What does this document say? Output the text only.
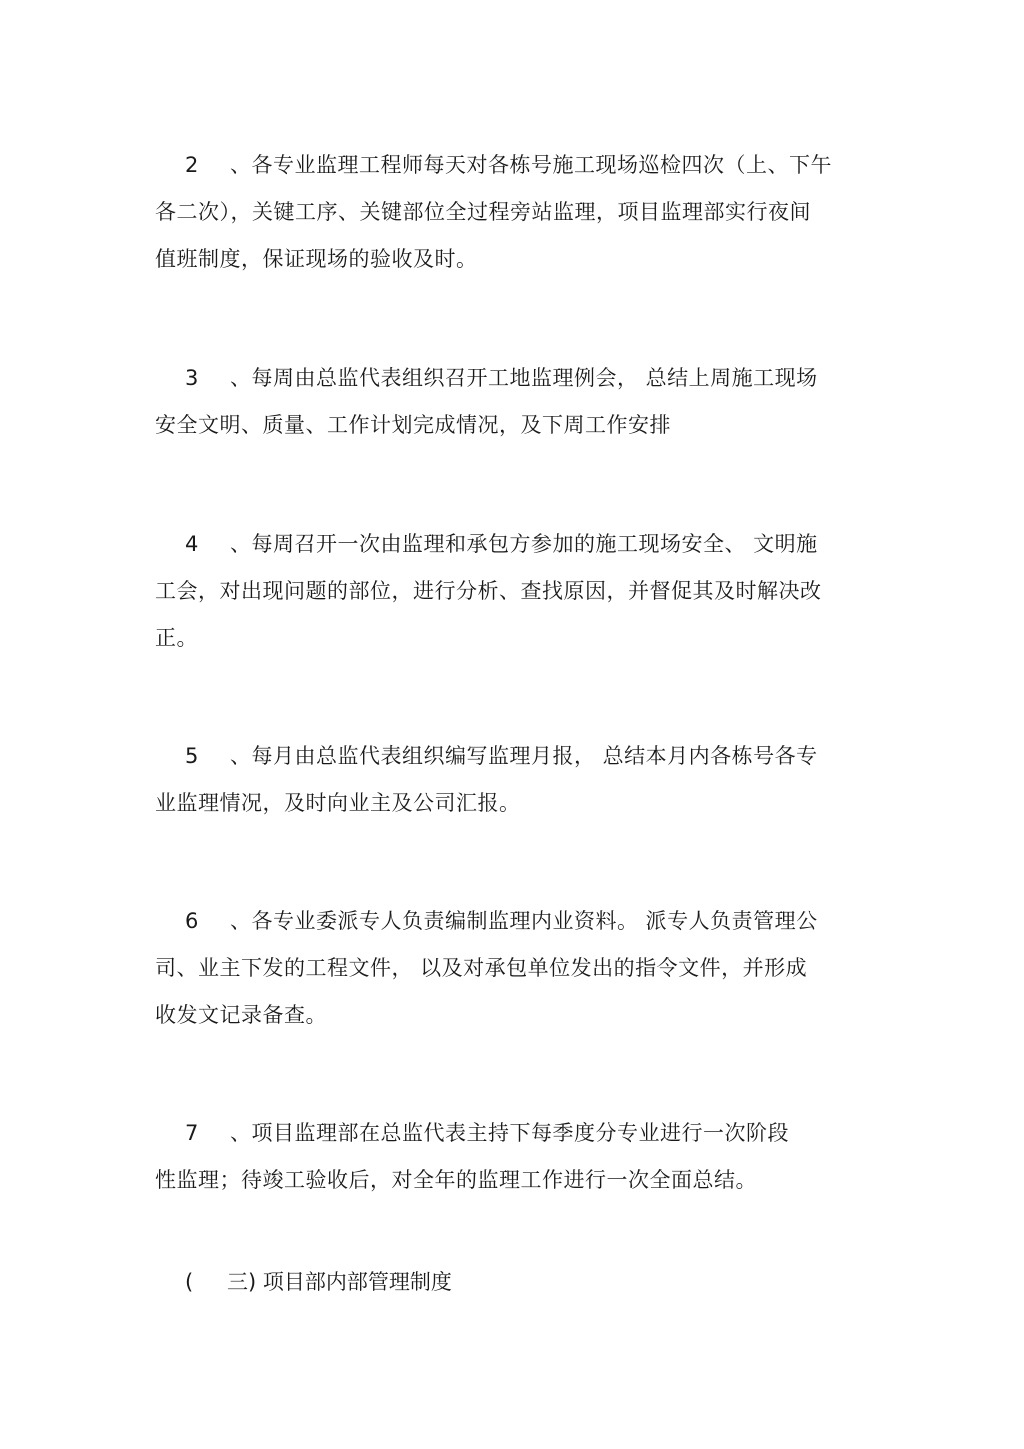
2 、各专业监理工程师每天对各栋号施工现场巡检四次（上、下午
各二次），关键工序、关键部位全过程旁站监理，项目监理部实行夜间
值班制度，保证现场的验收及时。
3 、每周由总监代表组织召开工地监理例会， 总结上周施工现场
安全文明、质量、工作计划完成情况，及下周工作安排
4 、每周召开一次由监理和承包方参加的施工现场安全、 文明施
工会，对出现问题的部位，进行分析、查找原因，并督促其及时解决改
正。
5 、每月由总监代表组织编写监理月报， 总结本月内各栋号各专
业监理情况，及时向业主及公司汇报。
6 、各专业委派专人负责编制监理内业资料。 派专人负责管理公
司、业主下发的工程文件， 以及对承包单位发出的指令文件，并形成
收发文记录备查。
7 、项目监理部在总监代表主持下每季度分专业进行一次阶段
性监理；待竣工验收后，对全年的监理工作进行一次全面总结。

( 三) 项目部内部管理制度
